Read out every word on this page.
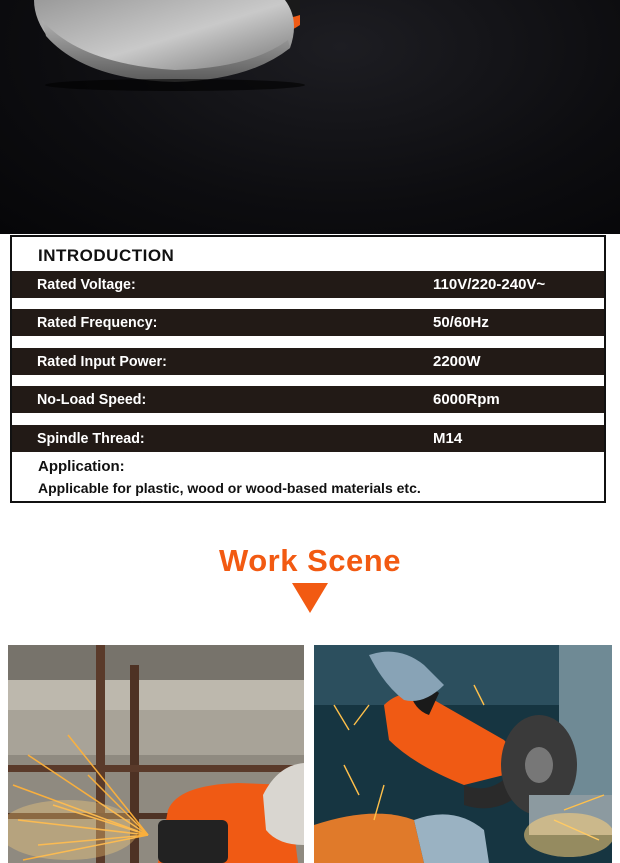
INTRODUCTION
Rated Voltage:	110V/220-240V~
Rated Frequency:	50/60Hz
Rated Input Power:	2200W
No-Load Speed:	6000Rpm
Spindle Thread:	M14
Application:
Applicable for plastic, wood or wood-based materials etc.
Work Scene
